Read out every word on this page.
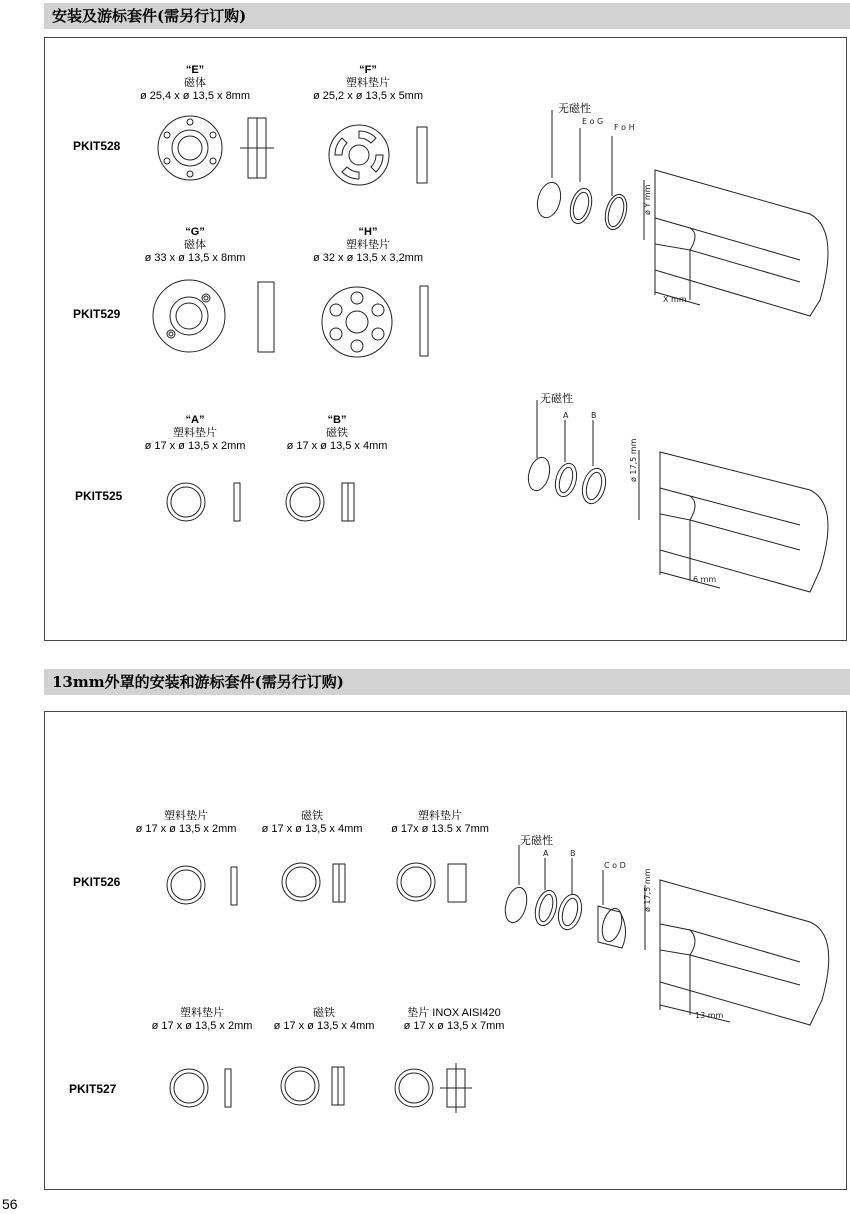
安装及游标套件(需另行订购)
“E”
磁体
ø 25,4 x ø 13,5 x 8mm
“F”
塑料垫片
ø 25,2 x ø 13,5 x 5mm
PKIT528
“G”
磁体
ø 33 x ø 13,5 x 8mm
“H”
塑料垫片
ø 32 x ø 13,5 x 3,2mm
PKIT529
“A”
塑料垫片
ø 17 x ø 13,5 x 2mm
“B”
磁铁
ø 17 x ø 13,5 x 4mm
PKIT525
无磁性
无磁性
13mm外罩的安装和游标套件(需另行订购)
塑料垫片
ø 17 x ø 13,5 x 2mm
磁铁
ø 17 x ø 13,5 x 4mm
塑料垫片
ø 17x ø 13.5 x 7mm
PKIT526
塑料垫片
ø 17 x ø 13,5 x 2mm
磁铁
ø 17 x ø 13,5 x 4mm
垫片 INOX AISI420
ø 17 x ø 13,5 x 7mm
PKIT527
无磁性
56
E o G
F o H
ø Y mm
X mm
A	B
ø 17,5 mm
6 mm
A	B
C o D
ø 17,5 mm
13 mm
